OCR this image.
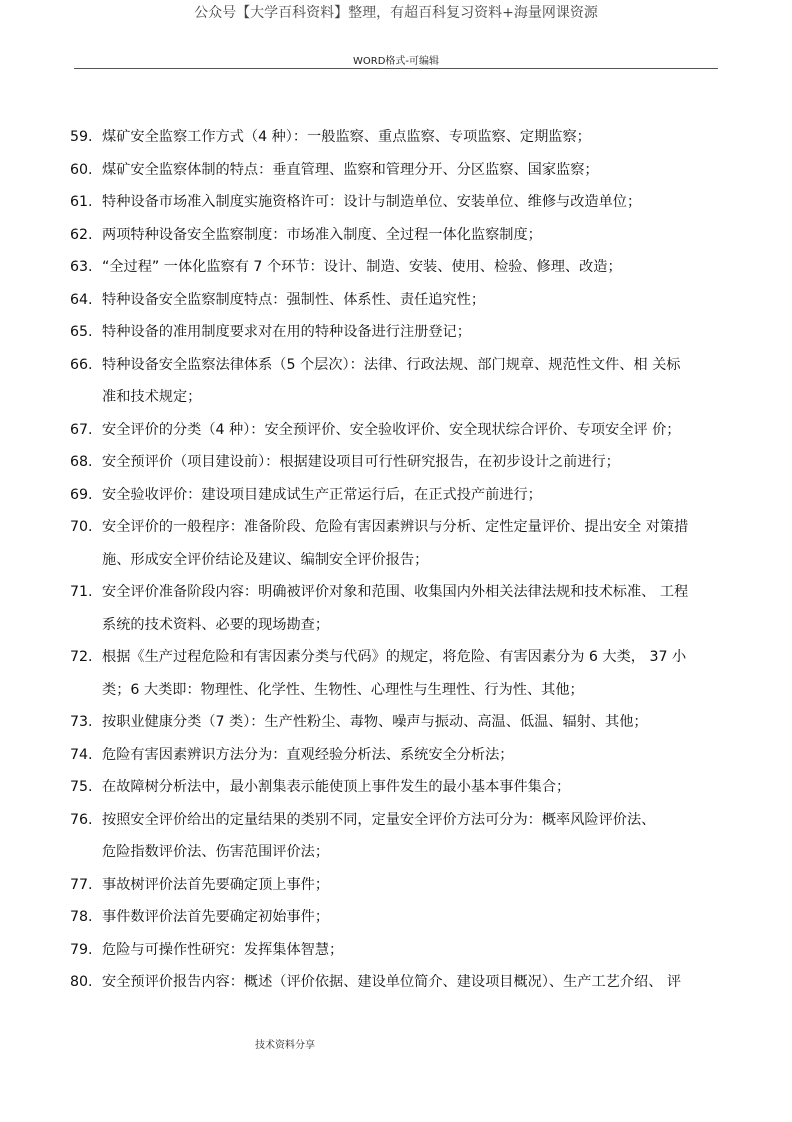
公众号【大学百科资料】整理，有超百科复习资料+海量网课资源
WORD格式-可编辑
59. 煤矿安全监察工作方式（4 种）：一般监察、重点监察、专项监察、定期监察；
60. 煤矿安全监察体制的特点：垂直管理、监察和管理分开、分区监察、国家监察；
61. 特种设备市场准入制度实施资格许可：设计与制造单位、安装单位、维修与改造单位；
62. 两项特种设备安全监察制度：市场准入制度、全过程一体化监察制度；
63. “全过程” 一体化监察有 7 个环节：设计、制造、安装、使用、检验、修理、改造；
64. 特种设备安全监察制度特点：强制性、体系性、责任追究性；
65. 特种设备的准用制度要求对在用的特种设备进行注册登记；
66. 特种设备安全监察法律体系（5 个层次）：法律、行政法规、部门规章、规范性文件、相 关标
准和技术规定；
67. 安全评价的分类（4 种）：安全预评价、安全验收评价、安全现状综合评价、专项安全评 价；
68. 安全预评价（项目建设前）：根据建设项目可行性研究报告，在初步设计之前进行；
69. 安全验收评价：建设项目建成试生产正常运行后，在正式投产前进行；
70. 安全评价的一般程序：准备阶段、危险有害因素辨识与分析、定性定量评价、提出安全 对策措
施、形成安全评价结论及建议、编制安全评价报告；
71. 安全评价准备阶段内容：明确被评价对象和范围、收集国内外相关法律法规和技术标准、 工程
系统的技术资料、必要的现场勘查；
72. 根据《生产过程危险和有害因素分类与代码》的规定，将危险、有害因素分为 6 大类， 37 小
类；6 大类即：物理性、化学性、生物性、心理性与生理性、行为性、其他；
73. 按职业健康分类（7 类）：生产性粉尘、毒物、噪声与振动、高温、低温、辐射、其他；
74. 危险有害因素辨识方法分为：直观经验分析法、系统安全分析法；
75. 在故障树分析法中，最小割集表示能使顶上事件发生的最小基本事件集合；
76. 按照安全评价给出的定量结果的类别不同，定量安全评价方法可分为：概率风险评价法、
危险指数评价法、伤害范围评价法；
77. 事故树评价法首先要确定顶上事件；
78. 事件数评价法首先要确定初始事件；
79. 危险与可操作性研究：发挥集体智慧；
80. 安全预评价报告内容：概述（评价依据、建设单位简介、建设项目概况）、生产工艺介绍、 评
技术资料分享
